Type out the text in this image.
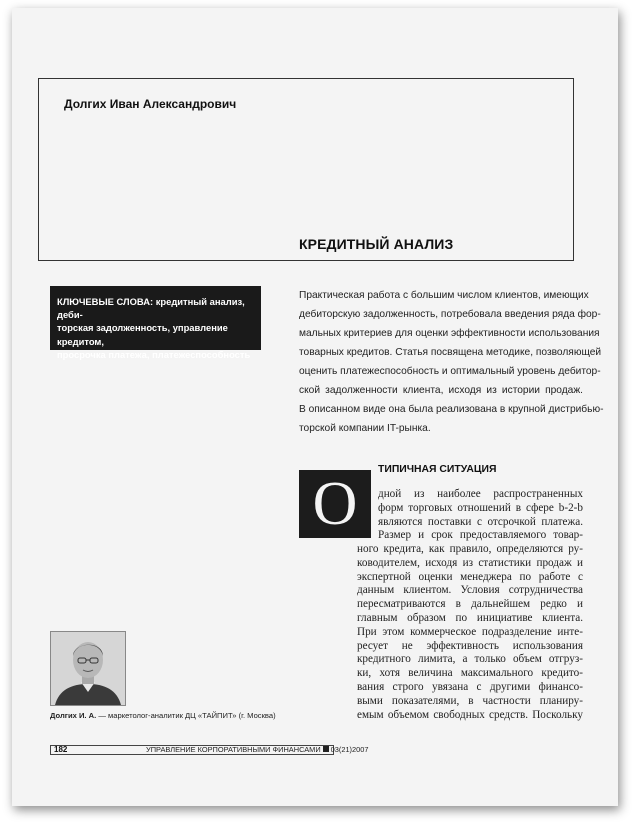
Долгих Иван Александрович
КРЕДИТНЫЙ АНАЛИЗ
КЛЮЧЕВЫЕ СЛОВА: кредитный анализ, деби-
торская задолженность, управление кредитом,
просрочка платежа, платежеспособность
Практическая работа с большим числом клиентов, имеющих
дебиторскую задолженность, потребовала введения ряда фор-
мальных критериев для оценки эффективности использования
товарных кредитов. Статья посвящена методике, позволяющей
оценить платежеспособность и оптимальный уровень дебитор-
ской задолженности клиента, исходя из истории продаж.
В описанном виде она была реализована в крупной дистрибью-
торской компании IT-рынка.
О
ТИПИЧНАЯ СИТУАЦИЯ
дной из наиболее распространенных
форм торговых отношений в сфере b-2-b
являются поставки с отсрочкой платежа.
Размер и срок предоставляемого товар-
ного кредита, как правило, определяются ру-
ководителем, исходя из статистики продаж и
экспертной оценки менеджера по работе с
данным клиентом. Условия сотрудничества
пересматриваются в дальнейшем редко и
главным образом по инициативе клиента.
При этом коммерческое подразделение инте-
ресует не эффективность использования
кредитного лимита, а только объем отгруз-
ки, хотя величина максимального кредито-
вания строго увязана с другими финансо-
выми показателями, в частности планиру-
емым объемом свободных средств. Поскольку
Долгих И. А. — маркетолог-аналитик ДЦ «ТАЙПИТ» (г. Москва)
182	УПРАВЛЕНИЕ КОРПОРАТИВНЫМИ ФИНАНСАМИ 03(21)2007
